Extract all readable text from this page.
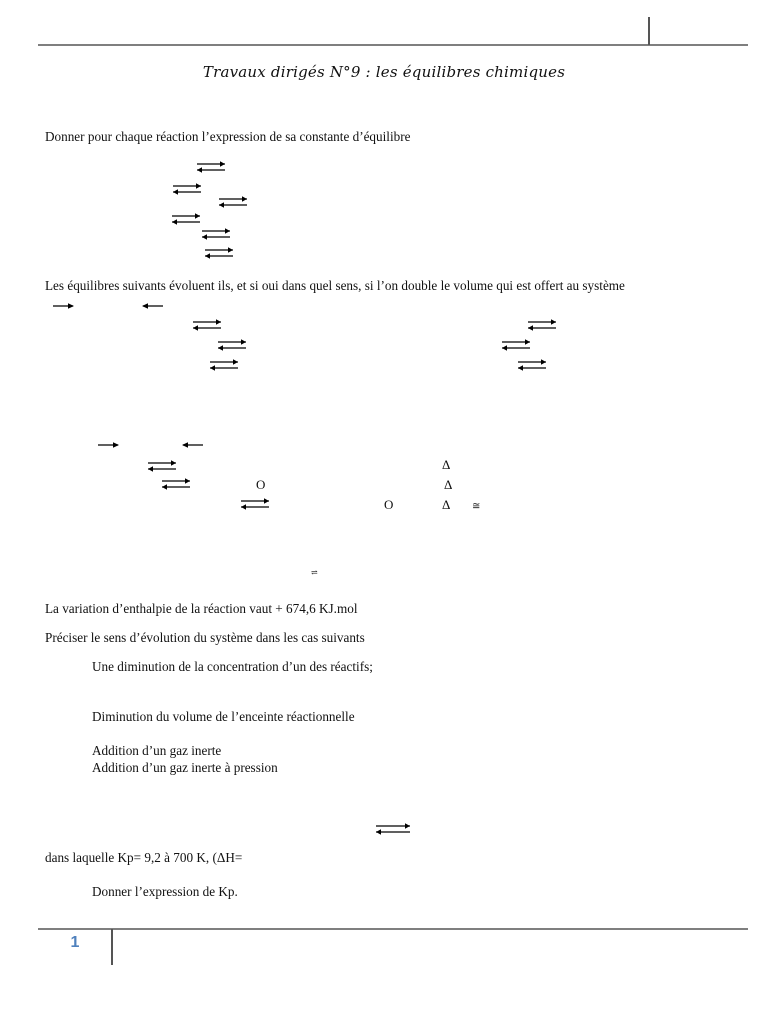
Travaux dirigés N°9 : les équilibres chimiques
Donner pour chaque réaction l’expression de sa constante d’équilibre
Les équilibres suivants évoluent ils, et si oui dans quel sens, si l’on double le volume qui est offert au système
Δ
O	Δ
O	Δ ≅
⇌
La variation d’enthalpie de la réaction vaut + 674,6 KJ.mol
Préciser le sens d’évolution du système dans les cas suivants
Une diminution de la concentration d’un des réactifs;
Diminution du volume de l’enceinte réactionnelle
Addition d’un gaz inerte
Addition d’un gaz inerte à pression
dans laquelle Kp= 9,2 à 700 K, (ΔH=
Donner l’expression de Kp.
1
